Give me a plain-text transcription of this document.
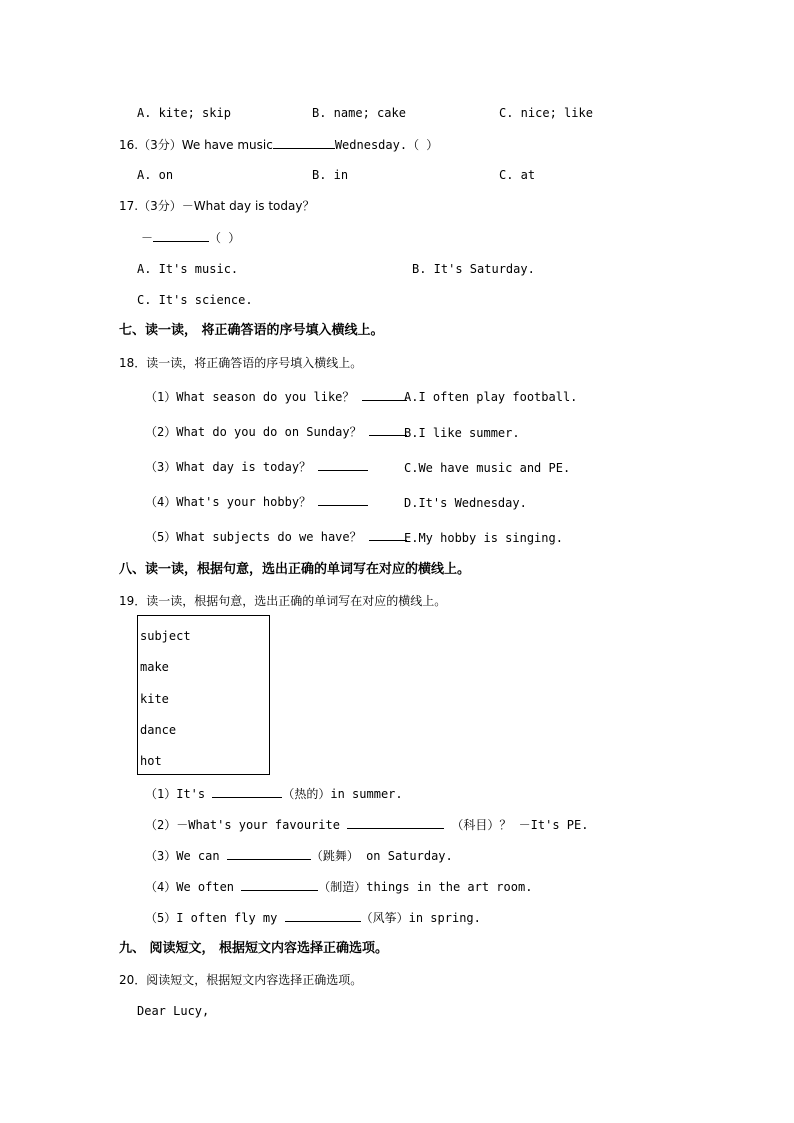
A. kite; skip	B. name; cake	C. nice; like
16.（3分）We have music	Wednesday.（ ）
A. on	B. in	C. at
17.（3分）－What day is today？
－	（ ）
A. It's music.	B. It's Saturday.
C. It's science.
七、读一读， 将正确答语的序号填入横线上。
18．读一读，将正确答语的序号填入横线上。
（1）What season do you like？	A.I often play football.
（2）What do you do on Sunday？	B.I like summer.
（3）What day is today？	C.We have music and PE.
（4）What's your hobby？	D.It's Wednesday.
（5）What subjects do we have？	E.My hobby is singing.
八、读一读，根据句意，选出正确的单词写在对应的横线上。
19．读一读，根据句意，选出正确的单词写在对应的横线上。
subject
make
kite
dance
hot
（1）It's	（热的）in summer.
（2）－What's your favourite	（科目）？ －It's PE.
（3）We can	（跳舞） on Saturday.
（4）We often	（制造）things in the art room.
（5）I often fly my	（风筝）in spring.
九、 阅读短文， 根据短文内容选择正确选项。
20．阅读短文，根据短文内容选择正确选项。
Dear Lucy,
